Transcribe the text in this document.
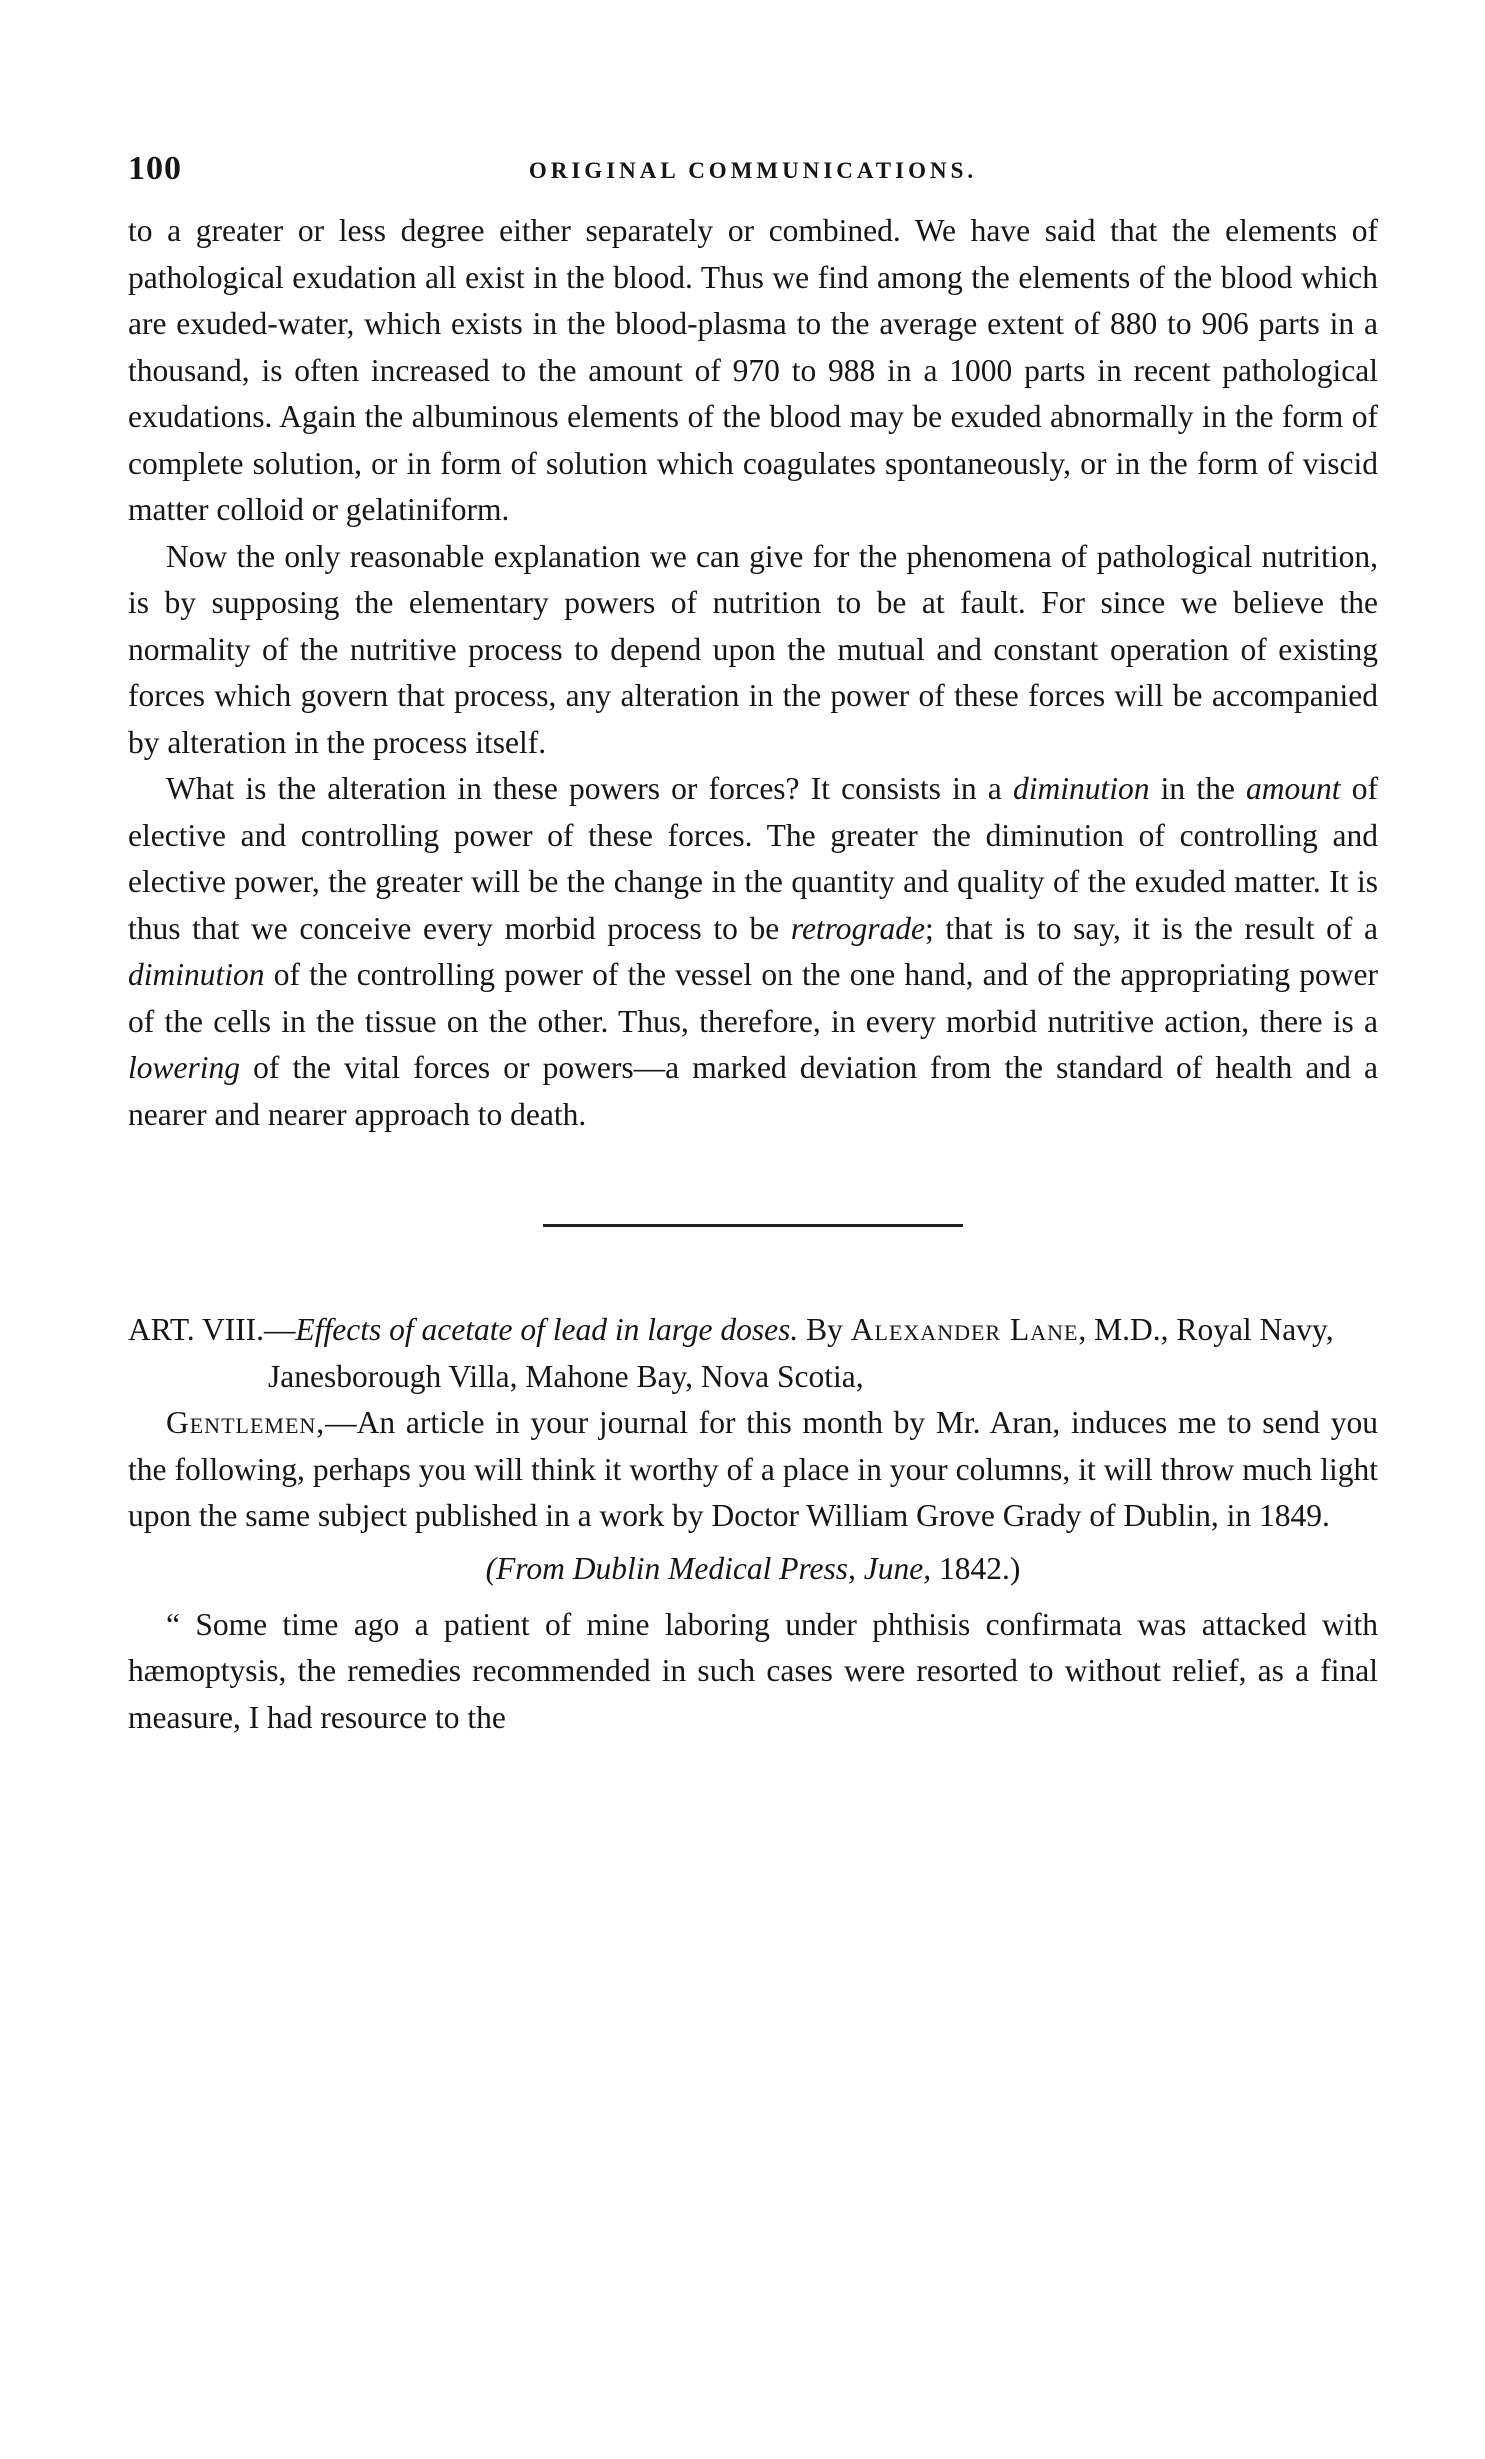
100	ORIGINAL COMMUNICATIONS.

to a greater or less degree either separately or combined. We have said that the elements of pathological exudation all exist in the blood. Thus we find among the elements of the blood which are exuded-water, which exists in the blood-plasma to the average extent of 880 to 906 parts in a thousand, is often increased to the amount of 970 to 988 in a 1000 parts in recent pathological exudations. Again the albuminous elements of the blood may be exuded abnormally in the form of complete solution, or in form of solution which coagulates spontaneously, or in the form of viscid matter colloid or gelatiniform.

Now the only reasonable explanation we can give for the phenomena of pathological nutrition, is by supposing the elementary powers of nutrition to be at fault. For since we believe the normality of the nutritive process to depend upon the mutual and constant operation of existing forces which govern that process, any alteration in the power of these forces will be accompanied by alteration in the process itself.

What is the alteration in these powers or forces? It consists in a diminution in the amount of elective and controlling power of these forces. The greater the diminution of controlling and elective power, the greater will be the change in the quantity and quality of the exuded matter. It is thus that we conceive every morbid process to be retrograde; that is to say, it is the result of a diminution of the controlling power of the vessel on the one hand, and of the appropriating power of the cells in the tissue on the other. Thus, therefore, in every morbid nutritive action, there is a lowering of the vital forces or powers—a marked deviation from the standard of health and a nearer and nearer approach to death.

ART. VIII.—Effects of acetate of lead in large doses. By Alexander Lane, M.D., Royal Navy, Janesborough Villa, Mahone Bay, Nova Scotia,

Gentlemen,—An article in your journal for this month by Mr. Aran, induces me to send you the following, perhaps you will think it worthy of a place in your columns, it will throw much light upon the same subject published in a work by Doctor William Grove Grady of Dublin, in 1849.

(From Dublin Medical Press, June, 1842.)

“ Some time ago a patient of mine laboring under phthisis confirmata was attacked with hæmoptysis, the remedies recommended in such cases were resorted to without relief, as a final measure, I had resource to the
